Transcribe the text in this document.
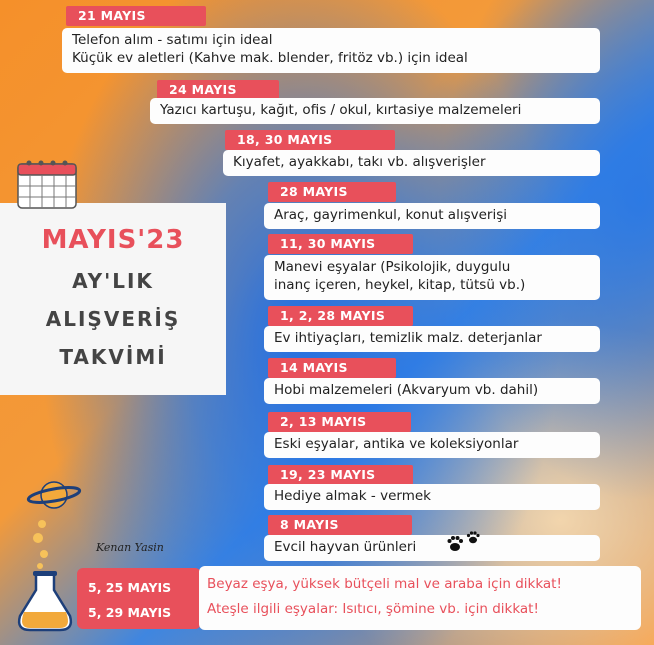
MAYIS'23
AY'LIK
ALIŞVERİŞ
TAKVİMİ
21 MAYIS
Telefon alım - satımı için ideal
Küçük ev aletleri (Kahve mak. blender, fritöz vb.) için ideal
24 MAYIS
Yazıcı kartuşu, kağıt, ofis / okul, kırtasiye malzemeleri
18, 30 MAYIS
Kıyafet, ayakkabı, takı vb. alışverişler
28 MAYIS
Araç, gayrimenkul, konut alışverişi
11, 30 MAYIS
Manevi eşyalar (Psikolojik, duygulu
inanç içeren, heykel, kitap, tütsü vb.)
1, 2, 28 MAYIS
Ev ihtiyaçları, temizlik malz. deterjanlar
14 MAYIS
Hobi malzemeleri (Akvaryum vb. dahil)
2, 13 MAYIS
Eski eşyalar, antika ve koleksiyonlar
19, 23 MAYIS
Hediye almak - vermek
8 MAYIS
Evcil hayvan ürünleri
Kenan Yasin
5, 25 MAYIS
5, 29 MAYIS
Beyaz eşya, yüksek bütçeli mal ve araba için dikkat!
Ateşle ilgili eşyalar: Isıtıcı, şömine vb. için dikkat!
